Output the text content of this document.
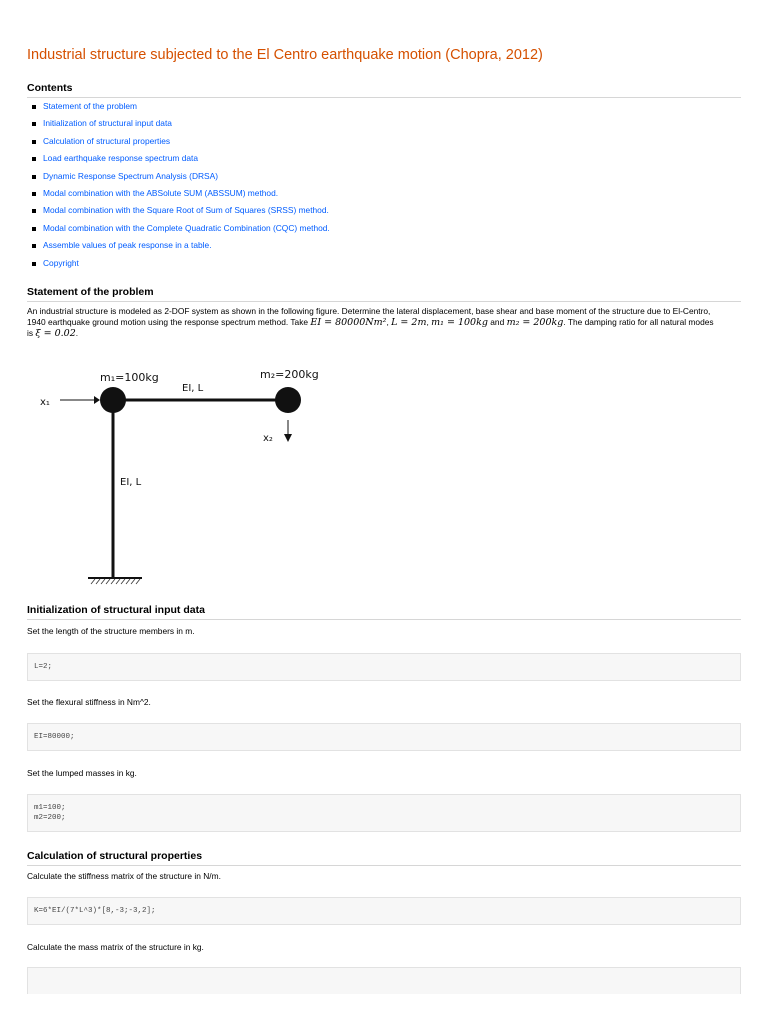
Industrial structure subjected to the El Centro earthquake motion (Chopra, 2012)
Contents
Statement of the problem
Initialization of structural input data
Calculation of structural properties
Load earthquake response spectrum data
Dynamic Response Spectrum Analysis (DRSA)
Modal combination with the ABSolute SUM (ABSSUM) method.
Modal combination with the Square Root of Sum of Squares (SRSS) method.
Modal combination with the Complete Quadratic Combination (CQC) method.
Assemble values of peak response in a table.
Copyright
Statement of the problem
An industrial structure is modeled as 2-DOF system as shown in the following figure. Determine the lateral displacement, base shear and base moment of the structure due to El-Centro,
1940 earthquake ground motion using the response spectrum method. Take EI = 80000Nm², L = 2m, m₁ = 100kg and m₂ = 200kg. The damping ratio for all natural modes
is ξ = 0.02.
m₁=100kg	m₂=200kg
EI, L
EI, L
x₁
x₂
Initialization of structural input data
Set the length of the structure members in m.
L=2;
Set the flexural stiffness in Nm^2.
EI=80000;
Set the lumped masses in kg.
m1=100;
m2=200;
Calculation of structural properties
Calculate the stiffness matrix of the structure in N/m.
K=6*EI/(7*L^3)*[8,-3;-3,2];
Calculate the mass matrix of the structure in kg.
